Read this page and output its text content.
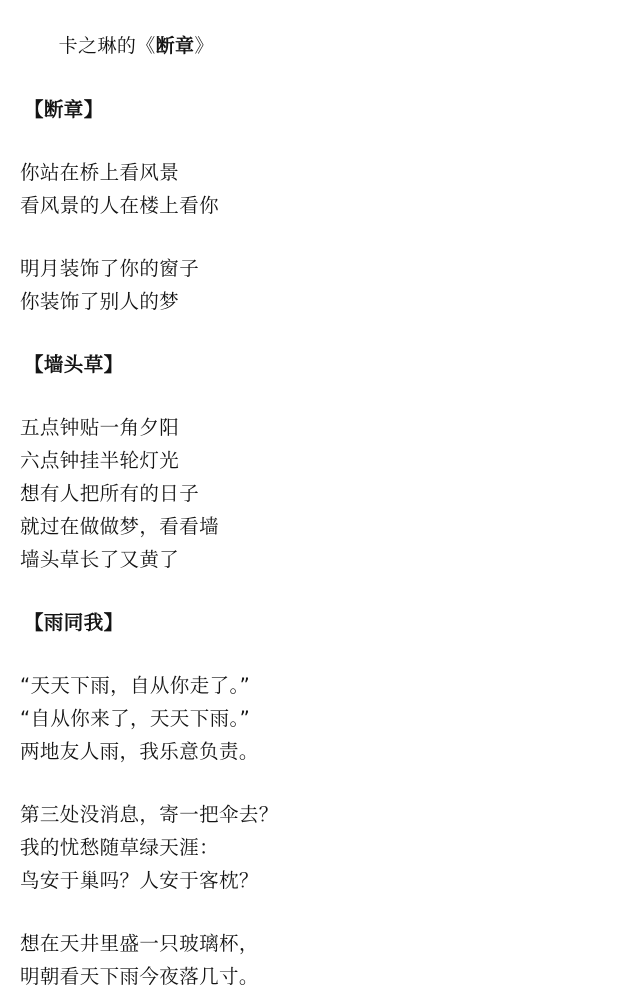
卡之琳的《断章》

【断章】
你站在桥上看风景
看风景的人在楼上看你
明月装饰了你的窗子
你装饰了别人的梦
【墙头草】
五点钟贴一角夕阳
六点钟挂半轮灯光
想有人把所有的日子
就过在做做梦，看看墙
墙头草长了又黄了
【雨同我】
“天天下雨，自从你走了。”
“自从你来了，天天下雨。”
两地友人雨，我乐意负责。
第三处没消息，寄一把伞去？
我的忧愁随草绿天涯：
鸟安于巢吗？人安于客枕？
想在天井里盛一只玻璃杯，
明朝看天下雨今夜落几寸。
